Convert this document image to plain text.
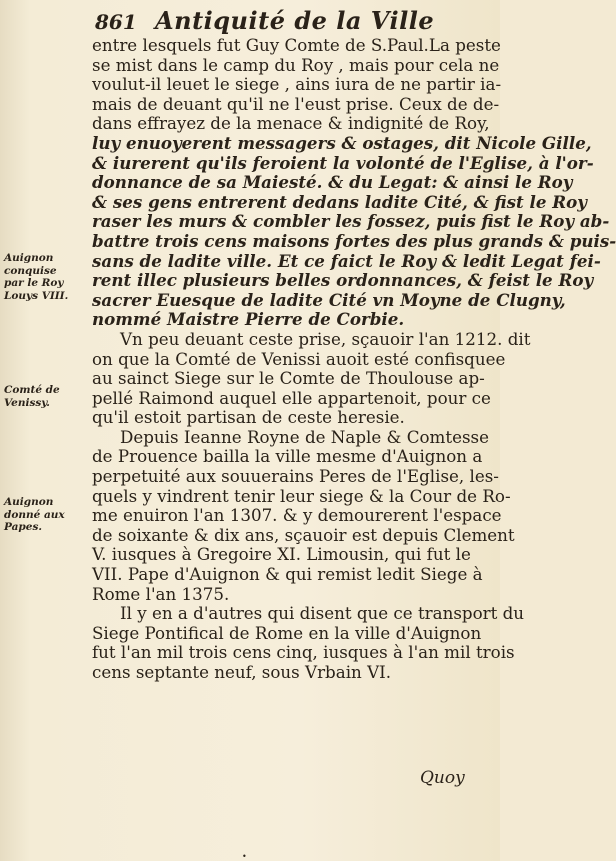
861 Antiquité de la Ville
entre lesquels fut Guy Comte de S.Paul.La peste
se mist dans le camp du Roy , mais pour cela ne
voulut-il leuet le siege , ains iura de ne partir ia-
mais de deuant qu'il ne l'eust prise. Ceux de de-
dans effrayez de la menace & indignité de Roy,
luy enuoyerent messagers & ostages, dit Nicole Gille,
& iurerent qu'ils feroient la volonté de l'Eglise, à l'or-
donnance de sa Maiesté. & du Legat: & ainsi le Roy
& ses gens entrerent dedans ladite Cité, & fist le Roy
raser les murs & combler les fossez, puis fist le Roy ab-
battre trois cens maisons fortes des plus grands & puis-
sans de ladite ville. Et ce faict le Roy & ledit Legat fei-
rent illec plusieurs belles ordonnances, & feist le Roy
sacrer Euesque de ladite Cité vn Moyne de Clugny,
nommé Maistre Pierre de Corbie.
Vn peu deuant ceste prise, sçauoir l'an 1212. dit
on que la Comté de Venissi auoit esté confisquee
au sainct Siege sur le Comte de Thoulouse ap-
pellé Raimond auquel elle appartenoit, pour ce
qu'il estoit partisan de ceste heresie.
Depuis Ieanne Royne de Naple & Comtesse
de Prouence bailla la ville mesme d'Auignon a
perpetuité aux souuerains Peres de l'Eglise, les-
quels y vindrent tenir leur siege & la Cour de Ro-
me enuiron l'an 1307. & y demourerent l'espace
de soixante & dix ans, sçauoir est depuis Clement
V. iusques à Gregoire XI. Limousin, qui fut le
VII. Pape d'Auignon & qui remist ledit Siege à
Rome l'an 1375.
Il y en a d'autres qui disent que ce transport du
Siege Pontifical de Rome en la ville d'Auignon
fut l'an mil trois cens cinq, iusques à l'an mil trois
cens septante neuf, sous Vrbain VI.
Auignon
conquise
par le Roy
Louys VIII.
Comté de
Venissy.
Auignon
donné aux
Papes.
Quoy
•
